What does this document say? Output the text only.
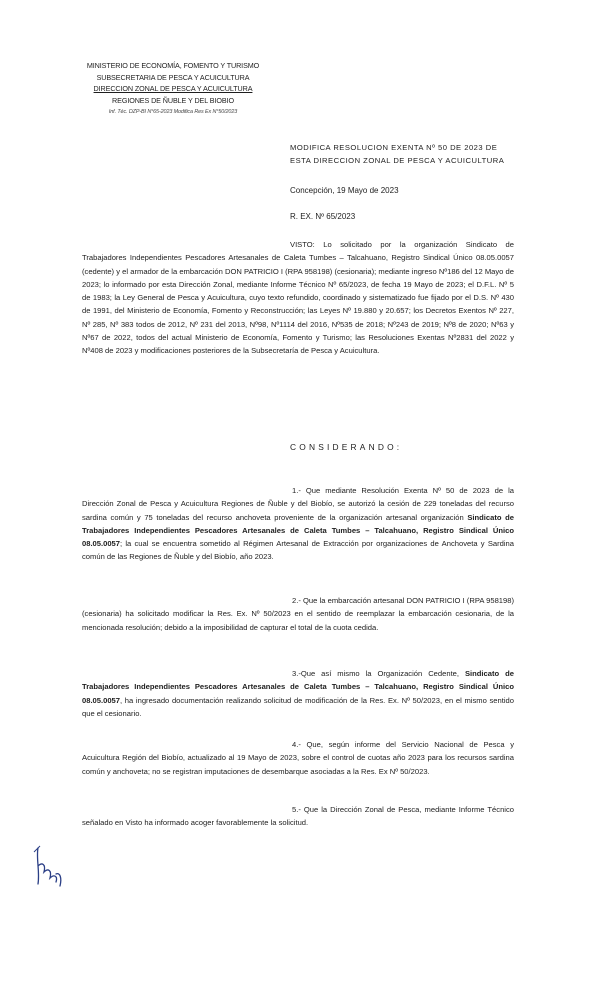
MINISTERIO DE ECONOMÍA, FOMENTO Y TURISMO
SUBSECRETARIA DE PESCA Y ACUICULTURA
DIRECCION ZONAL DE PESCA Y ACUICULTURA
REGIONES DE ÑUBLE Y DEL BIOBIO
Inf. Téc. DZP-BI N°65-2023 Modifica Res Ex N°50/2023
MODIFICA RESOLUCION EXENTA Nº 50 DE 2023 DE
ESTA DIRECCION ZONAL DE PESCA Y ACUICULTURA
Concepción, 19 Mayo de 2023
R. EX. Nº 65/2023
VISTO: Lo solicitado por la organización Sindicato de Trabajadores Independientes Pescadores Artesanales de Caleta Tumbes – Talcahuano, Registro Sindical Único 08.05.0057 (cedente) y el armador de la embarcación DON PATRICIO I (RPA 958198) (cesionaria); mediante ingreso Nº186 del 12 Mayo de 2023; lo informado por esta Dirección Zonal, mediante Informe Técnico Nº 65/2023, de fecha 19 Mayo de 2023; el D.F.L. Nº 5 de 1983; la Ley General de Pesca y Acuicultura, cuyo texto refundido, coordinado y sistematizado fue fijado por el D.S. Nº 430 de 1991, del Ministerio de Economía, Fomento y Reconstrucción; las Leyes Nº 19.880 y 20.657; los Decretos Exentos Nº 227, Nº 285, Nº 383 todos de 2012, Nº 231 del 2013, Nº98, Nº1114 del 2016, Nº535 de 2018; Nº243 de 2019; Nº8 de 2020; Nº63 y Nº67 de 2022, todos del actual Ministerio de Economía, Fomento y Turismo; las Resoluciones Exentas Nº2831 del 2022 y Nº408 de 2023 y modificaciones posteriores de la Subsecretaría de Pesca y Acuicultura.
CONSIDERANDO:
1.- Que mediante Resolución Exenta Nº 50 de 2023 de la Dirección Zonal de Pesca y Acuicultura Regiones de Ñuble y del Biobío, se autorizó la cesión de 229 toneladas del recurso sardina común y 75 toneladas del recurso anchoveta proveniente de la organización artesanal organización Sindicato de Trabajadores Independientes Pescadores Artesanales de Caleta Tumbes – Talcahuano, Registro Sindical Único 08.05.0057; la cual se encuentra sometido al Régimen Artesanal de Extracción por organizaciones de Anchoveta y Sardina común de las Regiones de Ñuble y del Biobío, año 2023.
2.- Que la embarcación artesanal DON PATRICIO I (RPA 958198) (cesionaria) ha solicitado modificar la Res. Ex. Nº 50/2023 en el sentido de reemplazar la embarcación cesionaria, de la mencionada resolución; debido a la imposibilidad de capturar el total de la cuota cedida.
3.-Que así mismo la Organización Cedente, Sindicato de Trabajadores Independientes Pescadores Artesanales de Caleta Tumbes – Talcahuano, Registro Sindical Único 08.05.0057, ha ingresado documentación realizando solicitud de modificación de la Res. Ex. Nº 50/2023, en el mismo sentido que el cesionario.
4.- Que, según informe del Servicio Nacional de Pesca y Acuicultura Región del Biobío, actualizado al 19 Mayo de 2023, sobre el control de cuotas año 2023 para los recursos sardina común y anchoveta; no se registran imputaciones de desembarque asociadas a la Res. Ex Nº 50/2023.
5.- Que la Dirección Zonal de Pesca, mediante Informe Técnico señalado en Visto ha informado acoger favorablemente la solicitud.
